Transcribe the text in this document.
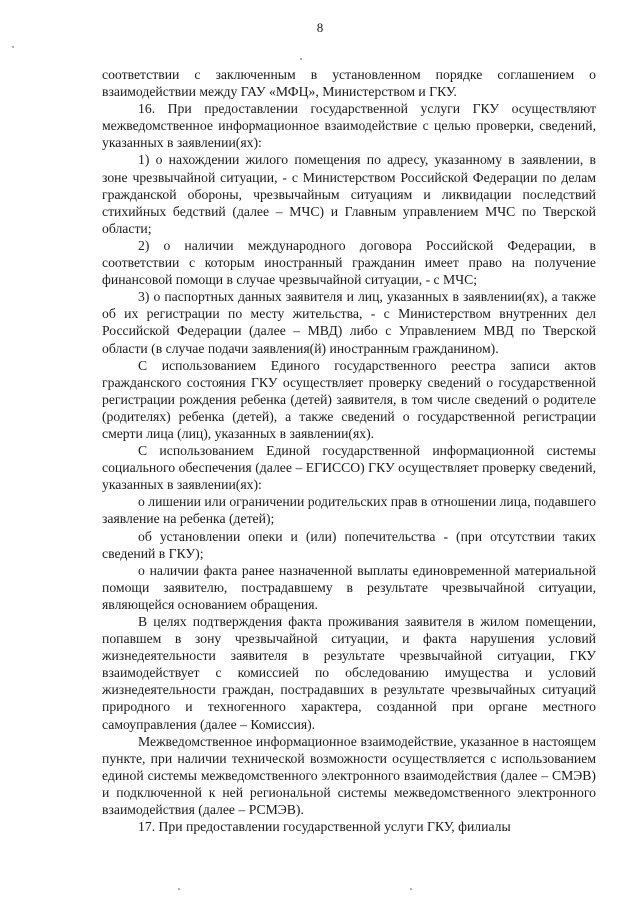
8

соответствии с заключенным в установленном порядке соглашением о взаимодействии между ГАУ «МФЦ», Министерством и ГКУ.

16. При предоставлении государственной услуги ГКУ осуществляют межведомственное информационное взаимодействие с целью проверки, сведений, указанных в заявлении(ях):

1) о нахождении жилого помещения по адресу, указанному в заявлении, в зоне чрезвычайной ситуации, - с Министерством Российской Федерации по делам гражданской обороны, чрезвычайным ситуациям и ликвидации последствий стихийных бедствий (далее – МЧС) и Главным управлением МЧС по Тверской области;

2) о наличии международного договора Российской Федерации, в соответствии с которым иностранный гражданин имеет право на получение финансовой помощи в случае чрезвычайной ситуации, - с МЧС;

3) о паспортных данных заявителя и лиц, указанных в заявлении(ях), а также об их регистрации по месту жительства, - с Министерством внутренних дел Российской Федерации (далее – МВД) либо с Управлением МВД по Тверской области (в случае подачи заявления(й) иностранным гражданином).

С использованием Единого государственного реестра записи актов гражданского состояния ГКУ осуществляет проверку сведений о государственной регистрации рождения ребенка (детей) заявителя, в том числе сведений о родителе (родителях) ребенка (детей), а также сведений о государственной регистрации смерти лица (лиц), указанных в заявлении(ях).

С использованием Единой государственной информационной системы социального обеспечения (далее – ЕГИССО) ГКУ осуществляет проверку сведений, указанных в заявлении(ях):

о лишении или ограничении родительских прав в отношении лица, подавшего заявление на ребенка (детей);

об установлении опеки и (или) попечительства - (при отсутствии таких сведений в ГКУ);

о наличии факта ранее назначенной выплаты единовременной материальной помощи заявителю, пострадавшему в результате чрезвычайной ситуации, являющейся основанием обращения.

В целях подтверждения факта проживания заявителя в жилом помещении, попавшем в зону чрезвычайной ситуации, и факта нарушения условий жизнедеятельности заявителя в результате чрезвычайной ситуации, ГКУ взаимодействует с комиссией по обследованию имущества и условий жизнедеятельности граждан, пострадавших в результате чрезвычайных ситуаций природного и техногенного характера, созданной при органе местного самоуправления (далее – Комиссия).

Межведомственное информационное взаимодействие, указанное в настоящем пункте, при наличии технической возможности осуществляется с использованием единой системы межведомственного электронного взаимодействия (далее – СМЭВ) и подключенной к ней региональной системы межведомственного электронного взаимодействия (далее – РСМЭВ).

17. При предоставлении государственной услуги ГКУ, филиалы
